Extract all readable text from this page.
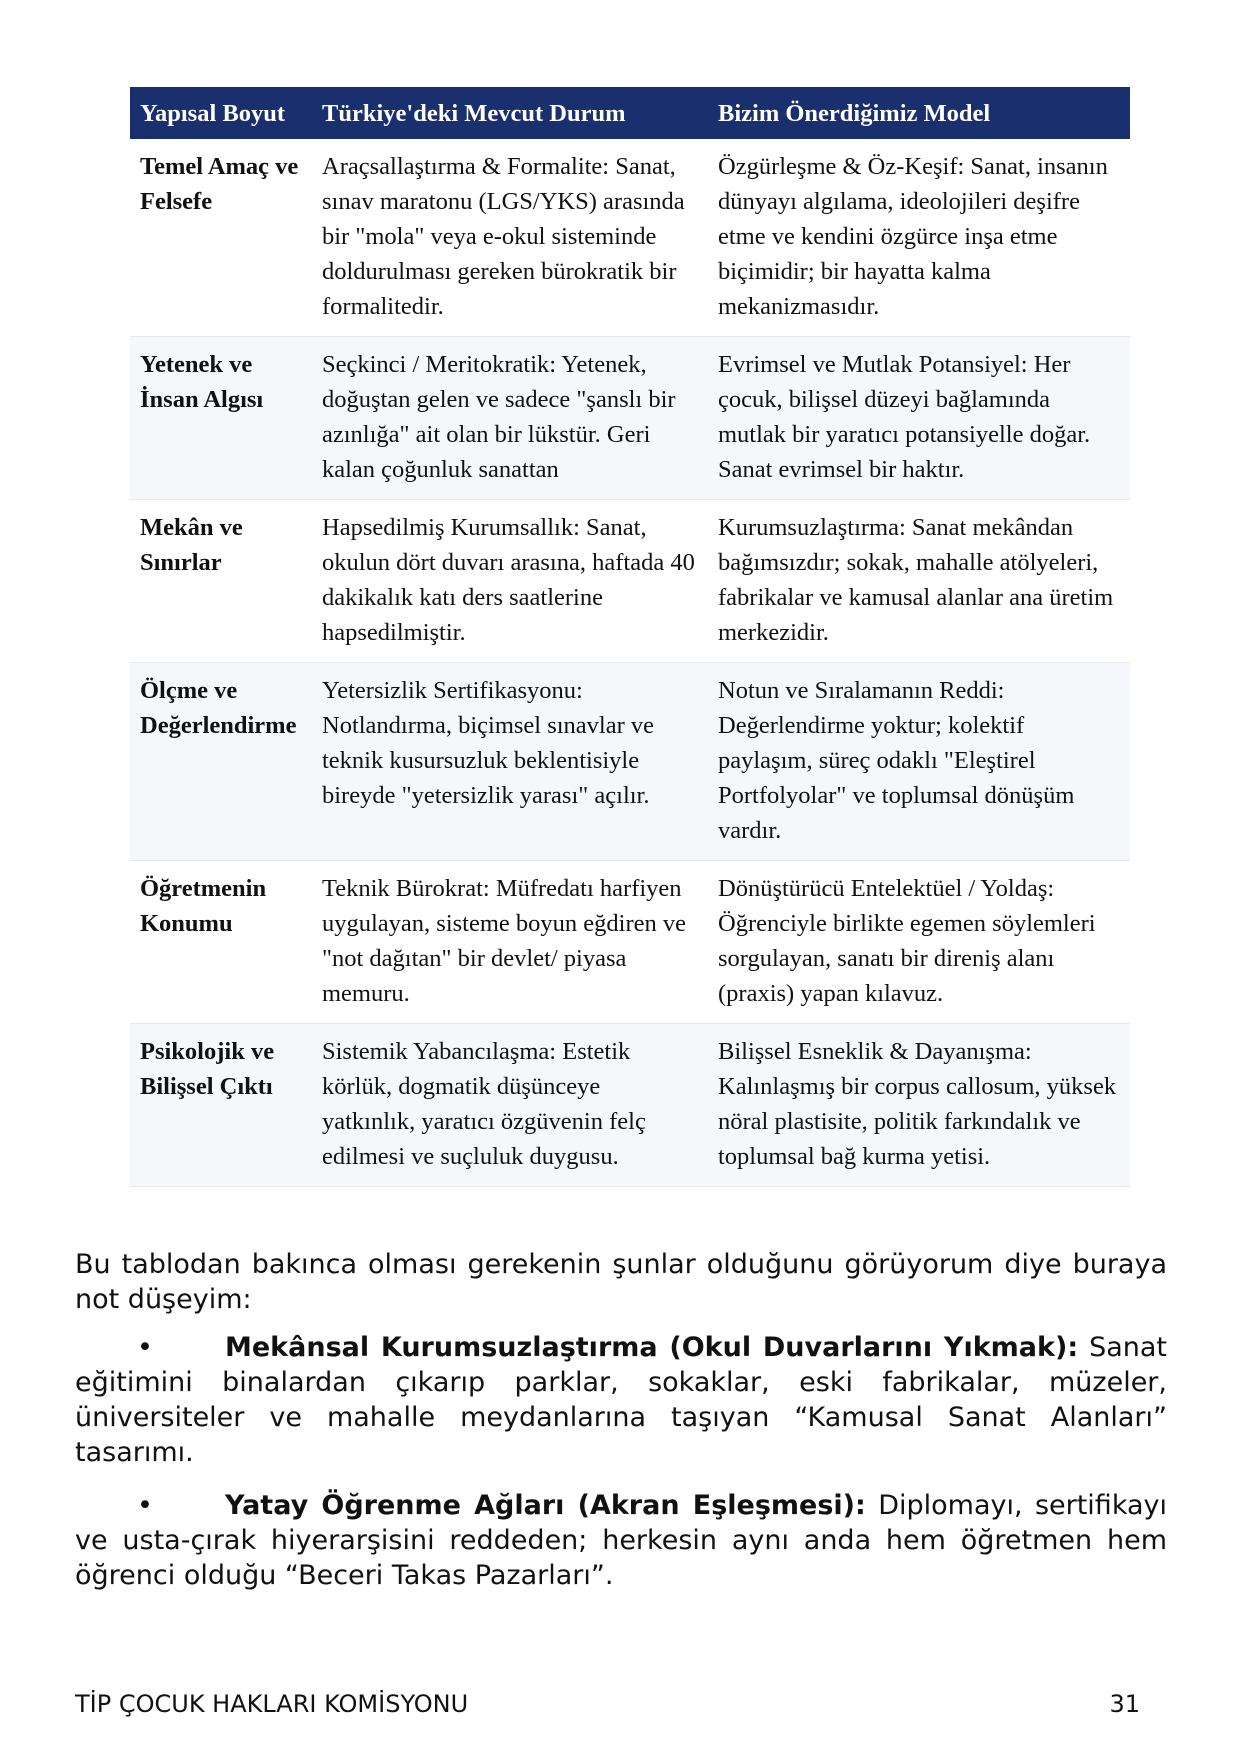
Yapısal Boyut	Türkiye'deki Mevcut Durum	Bizim Önerdiğimiz Model
Temel Amaç ve Felsefe	Araçsallaştırma & Formalite: Sanat, sınav maratonu (LGS/YKS) arasında bir "mola" veya e-okul sisteminde doldurulması gereken bürokratik bir formalitedir.	Özgürleşme & Öz-Keşif: Sanat, insanın dünyayı algılama, ideolojileri deşifre etme ve kendini özgürce inşa etme biçimidir; bir hayatta kalma mekanizmasıdır.
Yetenek ve İnsan Algısı	Seçkinci / Meritokratik: Yetenek, doğuştan gelen ve sadece "şanslı bir azınlığa" ait olan bir lükstür. Geri kalan çoğunluk sanattan	Evrimsel ve Mutlak Potansiyel: Her çocuk, bilişsel düzeyi bağlamında mutlak bir yaratıcı potansiyelle doğar. Sanat evrimsel bir haktır.
Mekân ve Sınırlar	Hapsedilmiş Kurumsallık: Sanat, okulun dört duvarı arasına, haftada 40 dakikalık katı ders saatlerine hapsedilmiştir.	Kurumsuzlaştırma: Sanat mekândan bağımsızdır; sokak, mahalle atölyeleri, fabrikalar ve kamusal alanlar ana üretim merkezidir.
Ölçme ve Değerlendirme	Yetersizlik Sertifikasyonu: Notlandırma, biçimsel sınavlar ve teknik kusursuzluk beklentisiyle bireyde "yetersizlik yarası" açılır.	Notun ve Sıralamanın Reddi: Değerlendirme yoktur; kolektif paylaşım, süreç odaklı "Eleştirel Portfolyolar" ve toplumsal dönüşüm vardır.
Öğretmenin Konumu	Teknik Bürokrat: Müfredatı harfiyen uygulayan, sisteme boyun eğdiren ve "not dağıtan" bir devlet/ piyasa memuru.	Dönüştürücü Entelektüel / Yoldaş: Öğrenciyle birlikte egemen söylemleri sorgulayan, sanatı bir direniş alanı (praxis) yapan kılavuz.
Psikolojik ve Bilişsel Çıktı	Sistemik Yabancılaşma: Estetik körlük, dogmatik düşünceye yatkınlık, yaratıcı özgüvenin felç edilmesi ve suçluluk duygusu.	Bilişsel Esneklik & Dayanışma: Kalınlaşmış bir corpus callosum, yüksek nöral plastisite, politik farkındalık ve toplumsal bağ kurma yetisi.

Bu tablodan bakınca olması gerekenin şunlar olduğunu görüyorum diye buraya not düşeyim:

•	Mekânsal Kurumsuzlaştırma (Okul Duvarlarını Yıkmak): Sanat eğitimini binalardan çıkarıp parklar, sokaklar, eski fabrikalar, müzeler, üniversiteler ve mahalle meydanlarına taşıyan “Kamusal Sanat Alanları” tasarımı.

•	Yatay Öğrenme Ağları (Akran Eşleşmesi): Diplomayı, sertifikayı ve usta-çırak hiyerarşisini reddeden; herkesin aynı anda hem öğretmen hem öğrenci olduğu “Beceri Takas Pazarları”.

TİP ÇOCUK HAKLARI KOMİSYONU	31
